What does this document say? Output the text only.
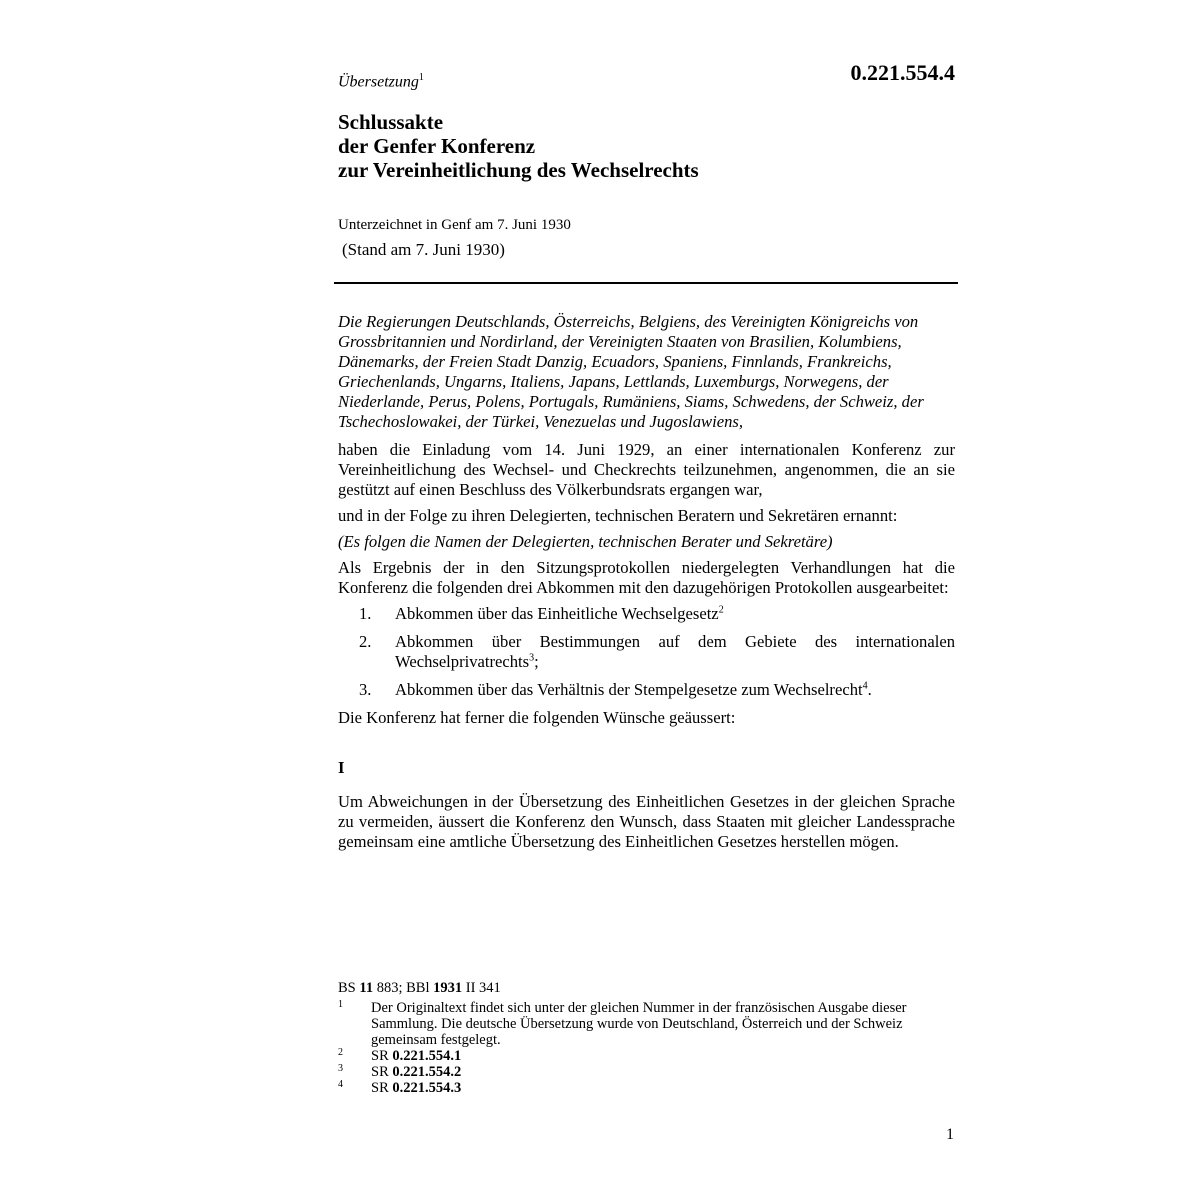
Übersetzung$^1$	0.221.554.4
Schlussakte
der Genfer Konferenz
zur Vereinheitlichung des Wechselrechts
Unterzeichnet in Genf am 7. Juni 1930
(Stand am 7. Juni 1930)

Die Regierungen Deutschlands, Österreichs, Belgiens, des Vereinigten Königreichs von Grossbritannien und Nordirland, der Vereinigten Staaten von Brasilien, Kolumbiens, Dänemarks, der Freien Stadt Danzig, Ecuadors, Spaniens, Finnlands, Frankreichs, Griechenlands, Ungarns, Italiens, Japans, Lettlands, Luxemburgs, Norwegens, der Niederlande, Perus, Polens, Portugals, Rumäniens, Siams, Schwedens, der Schweiz, der Tschechoslowakei, der Türkei, Venezuelas und Jugoslawiens,

haben die Einladung vom 14. Juni 1929, an einer internationalen Konferenz zur Vereinheitlichung des Wechsel- und Checkrechts teilzunehmen, angenommen, die an sie gestützt auf einen Beschluss des Völkerbundsrats ergangen war,

und in der Folge zu ihren Delegierten, technischen Beratern und Sekretären ernannt:

(Es folgen die Namen der Delegierten, technischen Berater und Sekretäre)

Als Ergebnis der in den Sitzungsprotokollen niedergelegten Verhandlungen hat die Konferenz die folgenden drei Abkommen mit den dazugehörigen Protokollen ausgearbeitet:

1. Abkommen über das Einheitliche Wechselgesetz$^2$
2. Abkommen über Bestimmungen auf dem Gebiete des internationalen Wechselprivatrechts$^3$;
3. Abkommen über das Verhältnis der Stempelgesetze zum Wechselrecht$^4$.

Die Konferenz hat ferner die folgenden Wünsche geäussert:

I

Um Abweichungen in der Übersetzung des Einheitlichen Gesetzes in der gleichen Sprache zu vermeiden, äussert die Konferenz den Wunsch, dass Staaten mit gleicher Landessprache gemeinsam eine amtliche Übersetzung des Einheitlichen Gesetzes herstellen mögen.

BS 11 883; BBl 1931 II 341
1 Der Originaltext findet sich unter der gleichen Nummer in der französischen Ausgabe dieser Sammlung. Die deutsche Übersetzung wurde von Deutschland, Österreich und der Schweiz gemeinsam festgelegt.
2 SR 0.221.554.1
3 SR 0.221.554.2
4 SR 0.221.554.3
1
